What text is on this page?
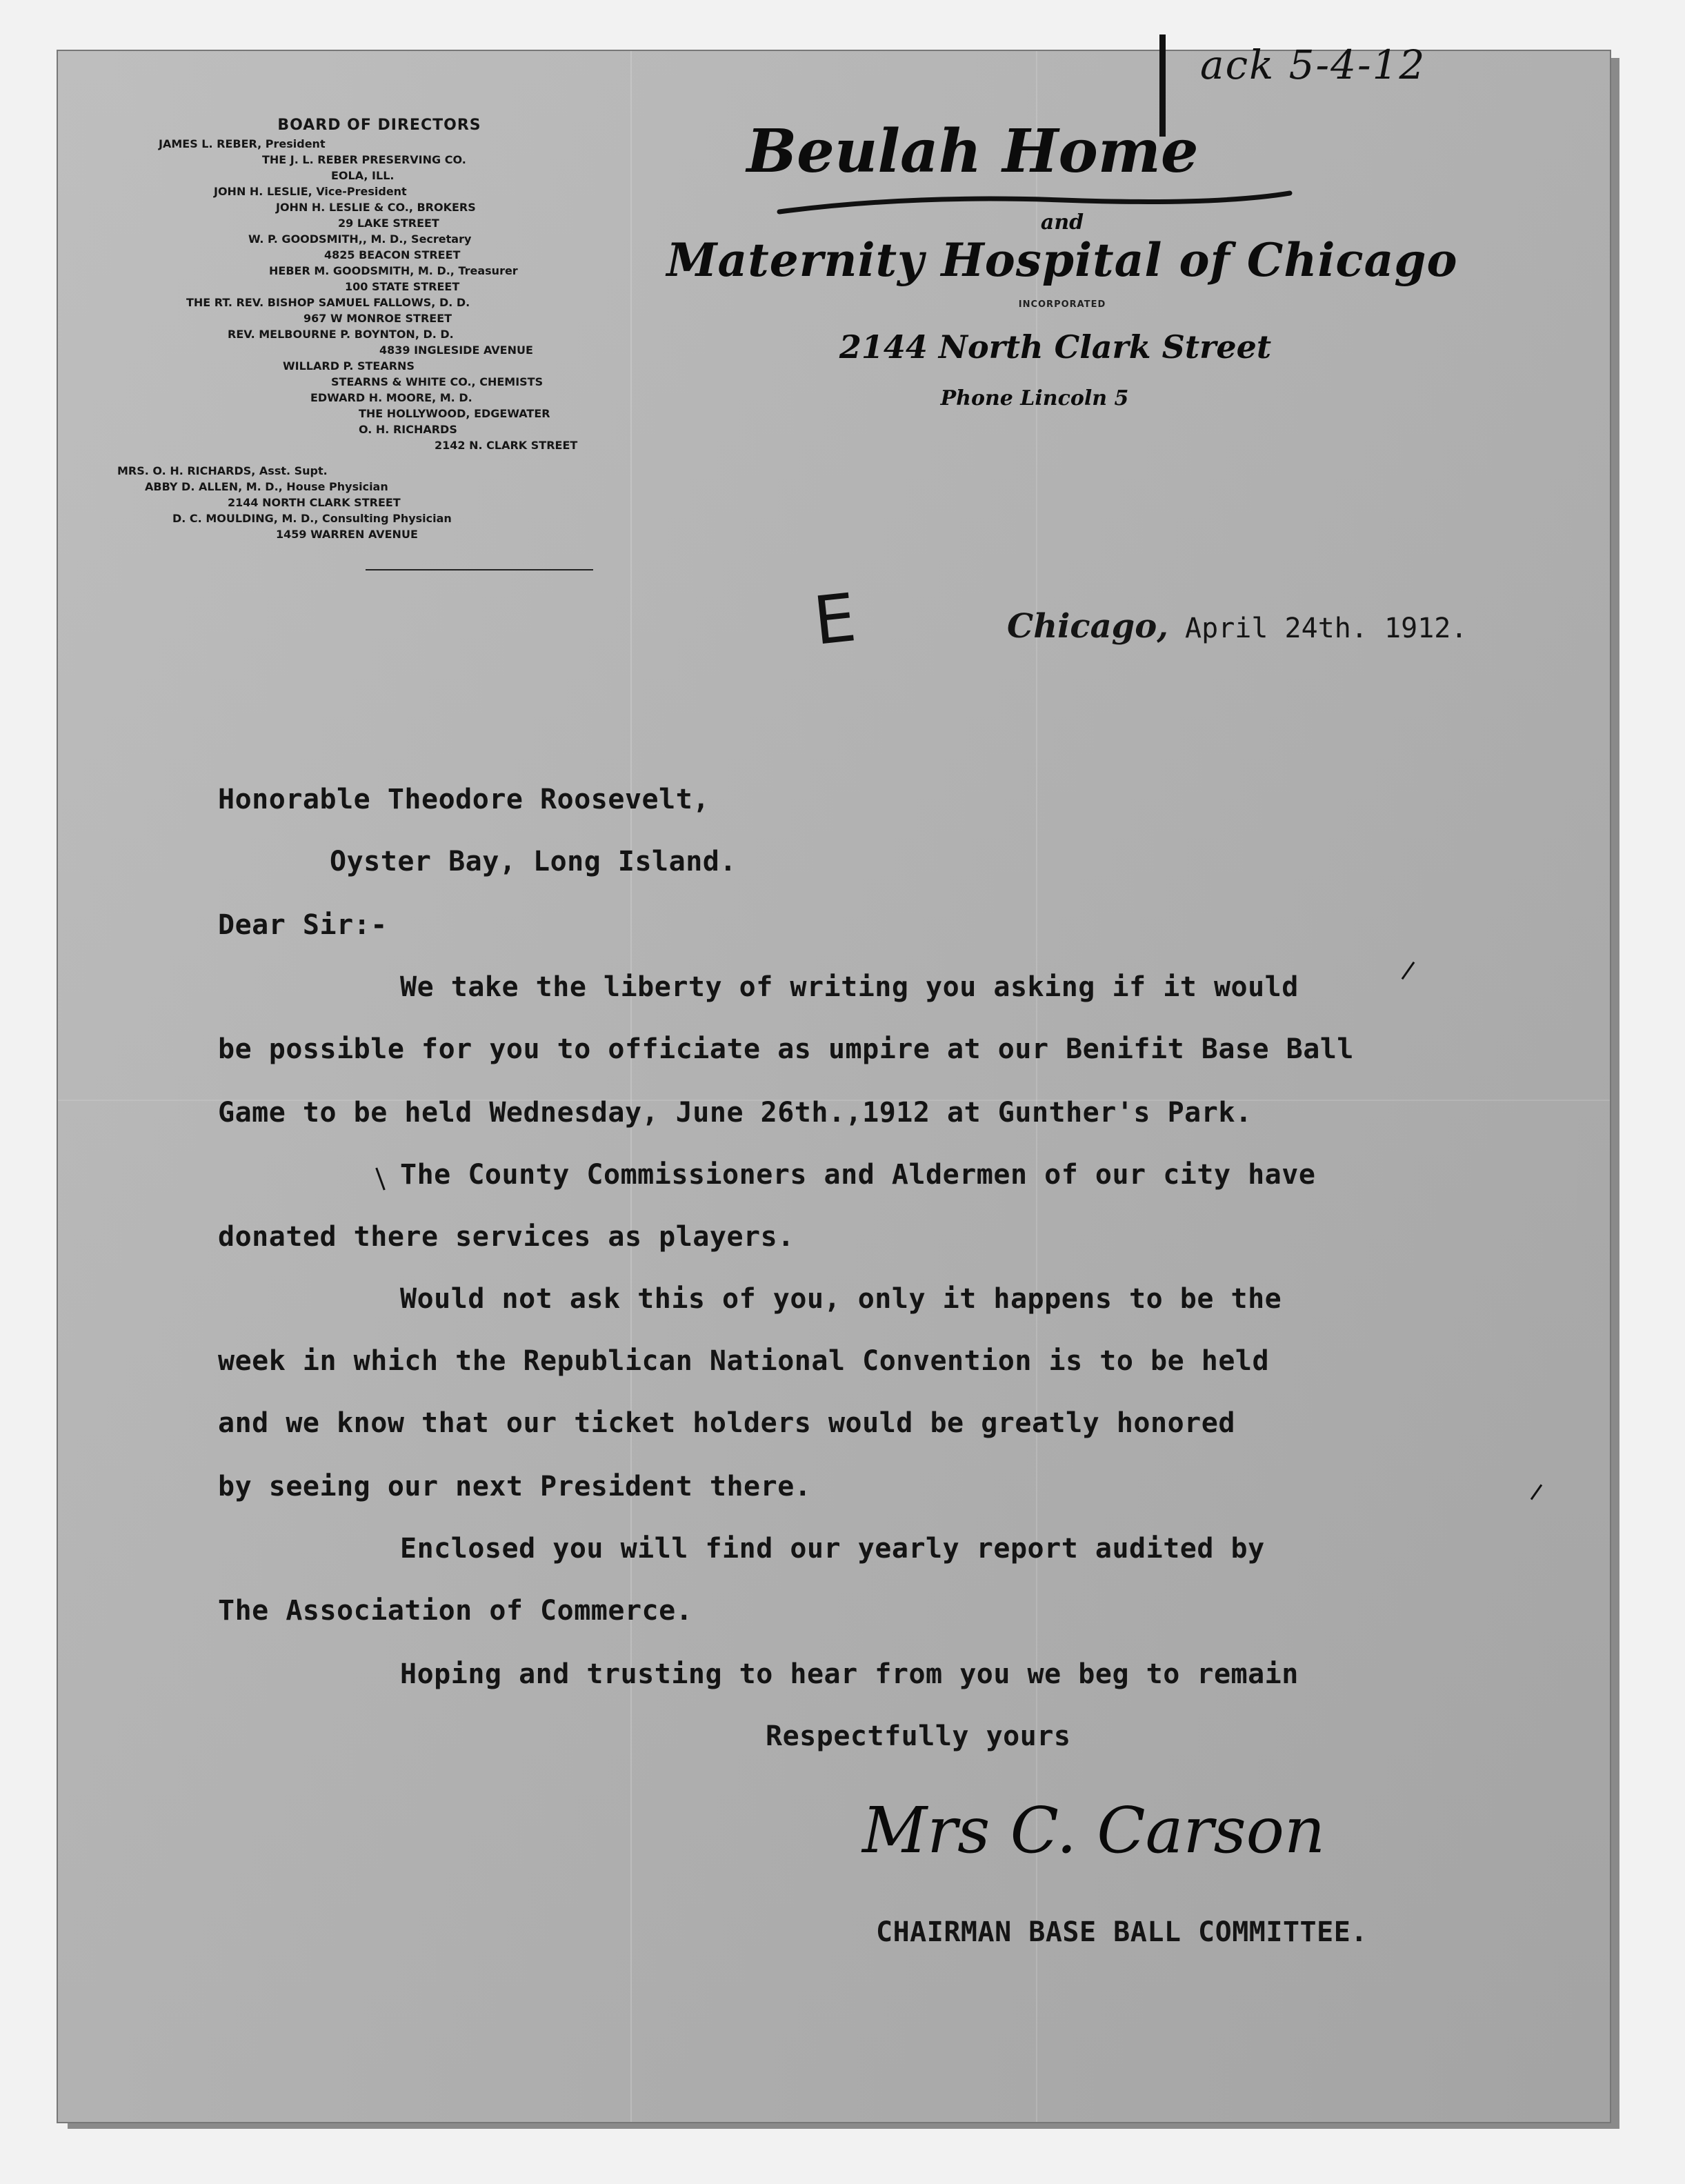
ack 5-4-12
BOARD OF DIRECTORS
JAMES L. REBER, President
THE J. L. REBER PRESERVING CO.
EOLA, ILL.
JOHN H. LESLIE, Vice-President
JOHN H. LESLIE & CO., BROKERS
29 LAKE STREET
W. P. GOODSMITH,, M. D., Secretary
4825 BEACON STREET
HEBER M. GOODSMITH, M. D., Treasurer
100 STATE STREET
THE RT. REV. BISHOP SAMUEL FALLOWS, D. D.
967 W MONROE STREET
REV. MELBOURNE P. BOYNTON, D. D.
4839 INGLESIDE AVENUE
WILLARD P. STEARNS
STEARNS & WHITE CO., CHEMISTS
EDWARD H. MOORE, M. D.
THE HOLLYWOOD, EDGEWATER
O. H. RICHARDS
2142 N. CLARK STREET
MRS. O. H. RICHARDS, Asst. Supt.
ABBY D. ALLEN, M. D., House Physician
2144 NORTH CLARK STREET
D. C. MOULDING, M. D., Consulting Physician
1459 WARREN AVENUE
Beulah Home
and
Maternity Hospital of Chicago
INCORPORATED
2144 North Clark Street
Phone Lincoln 5
E	Chicago, April 24th. 1912.
Honorable Theodore Roosevelt,
Oyster Bay, Long Island.
Dear Sir:-
We take the liberty of writing you asking if it would
be possible for you to officiate as umpire at our Benifit Base Ball
Game to be held Wednesday, June 26th.,1912 at Gunther's Park.
The County Commissioners and Aldermen of our city have
donated there services as players.
Would not ask this of you, only it happens to be the
week in which the Republican National Convention is to be held
and we know that our ticket holders would be greatly honored
by seeing our next President there.
Enclosed you will find our yearly report audited by
The Association of Commerce.
Hoping and trusting to hear from you we beg to remain
Respectfully yours
Mrs C. Carson
CHAIRMAN BASE BALL COMMITTEE.
